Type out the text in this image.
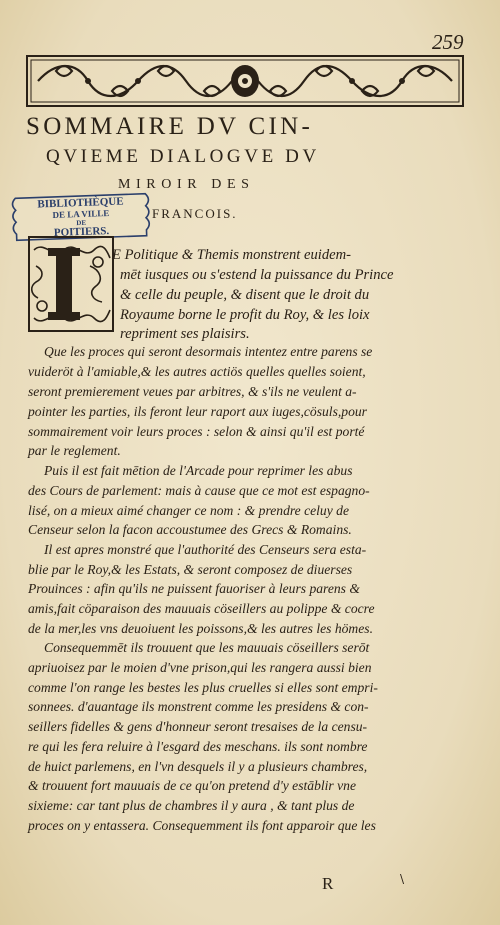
259
SOMMAIRE DV CIN-
QVIEME DIALOGVE DV
MIROIR DES
FRANCOIS.
BIBLIOTHÈQUE
DE LA VILLE
DE
POITIERS.
E Politique & Themis monstrent euidem-
mēt iusques ou s'estend la puissance du Prince
& celle du peuple, & disent que le droit du
Royaume borne le profit du Roy, & les loix
repriment ses plaisirs.
Que les proces qui seront desormais intentez entre parens se
vuideröt à l'amiable,& les autres actiös quelles quelles soient,
seront premierement veues par arbitres, & s'ils ne veulent a-
pointer les parties, ils feront leur raport aux iuges,cösuls,pour
sommairement voir leurs proces : selon & ainsi qu'il est porté
par le reglement.
Puis il est fait mētion de l'Arcade pour reprimer les abus
des Cours de parlement: mais à cause que ce mot est espagno-
lisé, on a mieux aimé changer ce nom : & prendre celuy de
Censeur selon la facon accoustumee des Grecs & Romains.
Il est apres monstré que l'authorité des Censeurs sera esta-
blie par le Roy,& les Estats, & seront composez de diuerses
Prouinces : afin qu'ils ne puissent fauoriser à leurs parens &
amis,fait cöparaison des mauuais cöseillers au polippe & cocre
de la mer,les vns deuoiuent les poissons,& les autres les hömes.
Consequemmēt ils trouuent que les mauuais cöseillers serōt
apriuoisez par le moien d'vne prison,qui les rangera aussi bien
comme l'on range les bestes les plus cruelles si elles sont empri-
sonnees. d'auantage ils monstrent comme les presidens & con-
seillers fidelles & gens d'honneur seront tresaises de la censu-
re qui les fera reluire à l'esgard des meschans. ils sont nombre
de huict parlemens, en l'vn desquels il y a plusieurs chambres,
& trouuent fort mauuais de ce qu'on pretend d'y estāblir vne
sixieme: car tant plus de chambres il y aura , & tant plus de
proces on y entassera. Consequemment ils font apparoir que les
R	\
